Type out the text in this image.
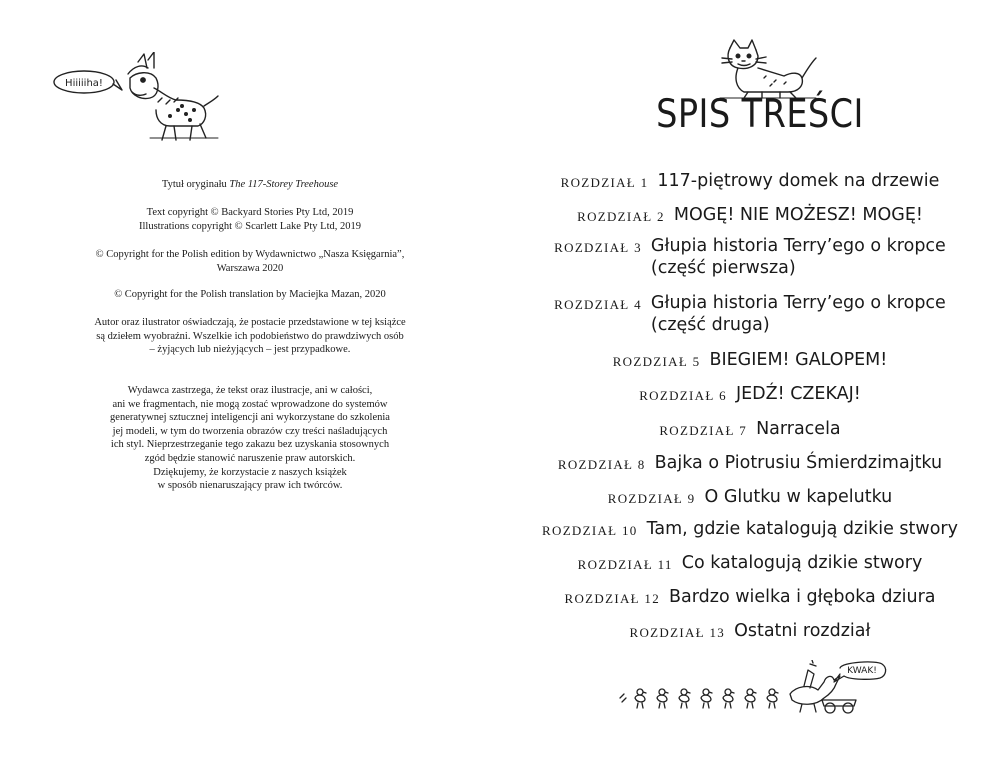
Hiiiiiha!
Tytuł oryginału The 117-Storey Treehouse

Text copyright © Backyard Stories Pty Ltd, 2019

Illustrations copyright © Scarlett Lake Pty Ltd, 2019

© Copyright for the Polish edition by Wydawnictwo „Nasza Księgarnia”,

Warszawa 2020

© Copyright for the Polish translation by Maciejka Mazan, 2020

Autor oraz ilustrator oświadczają, że postacie przedstawione w tej książce

są dziełem wyobraźni. Wszelkie ich podobieństwo do prawdziwych osób

– żyjących lub nieżyjących – jest przypadkowe.

Wydawca zastrzega, że tekst oraz ilustracje, ani w całości,

ani we fragmentach, nie mogą zostać wprowadzone do systemów

generatywnej sztucznej inteligencji ani wykorzystane do szkolenia

jej modeli, w tym do tworzenia obrazów czy treści naśladujących

ich styl. Nieprzestrzeganie tego zakazu bez uzyskania stosownych

zgód będzie stanowić naruszenie praw autorskich.

Dziękujemy, że korzystacie z naszych książek

w sposób nienaruszający praw ich twórców.

SPIS TREŚCI
ROZDZIAŁ 1 117-piętrowy domek na drzewie
ROZDZIAŁ 2 MOGĘ! NIE MOŻESZ! MOGĘ!
ROZDZIAŁ 3 Głupia historia Terry’ego o kropce
(część pierwsza)
ROZDZIAŁ 4 Głupia historia Terry’ego o kropce
(część druga)
ROZDZIAŁ 5 BIEGIEM! GALOPEM!
ROZDZIAŁ 6 JEDŹ! CZEKAJ!
ROZDZIAŁ 7 Narracela
ROZDZIAŁ 8 Bajka o Piotrusiu Śmierdzimajtku
ROZDZIAŁ 9 O Glutku w kapelutku
ROZDZIAŁ 10 Tam, gdzie katalogują dzikie stwory
ROZDZIAŁ 11 Co katalogują dzikie stwory
ROZDZIAŁ 12 Bardzo wielka i głęboka dziura
ROZDZIAŁ 13 Ostatni rozdział
KWAK!
